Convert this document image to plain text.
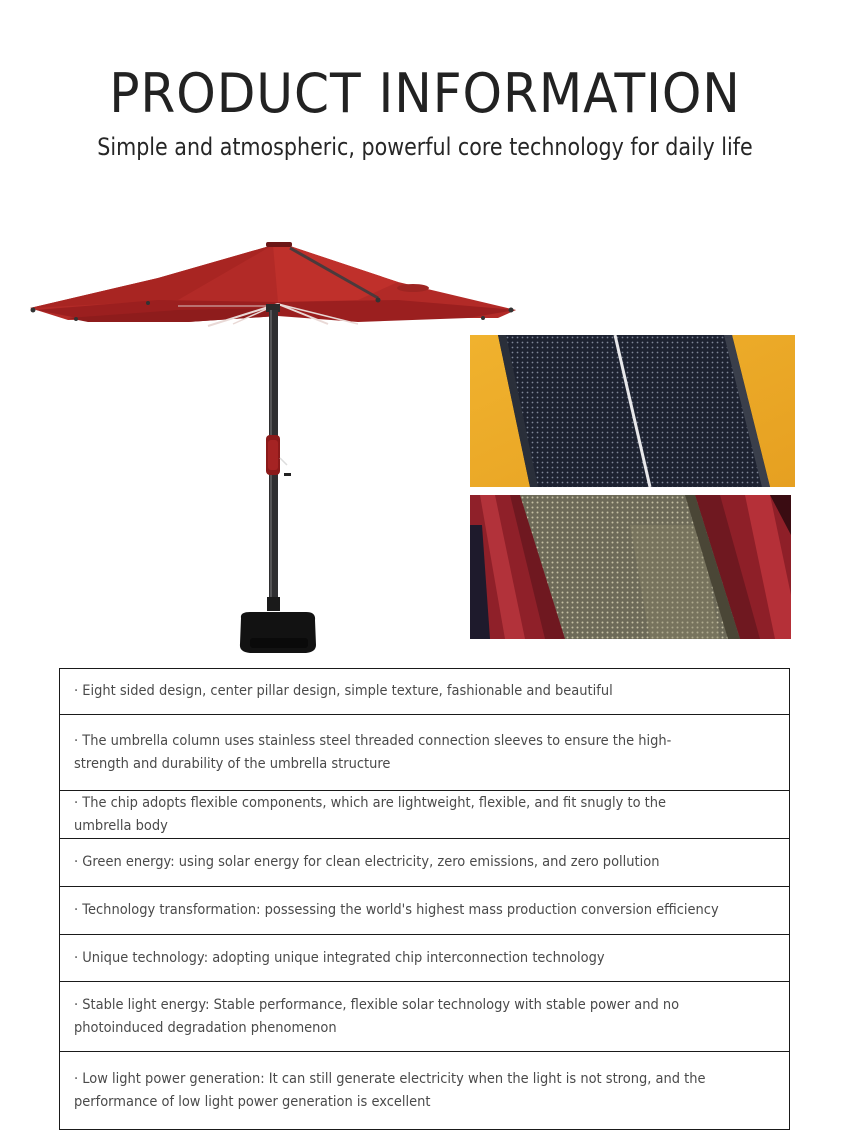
PRODUCT INFORMATION
Simple and atmospheric, powerful core technology for daily life
· Eight sided design, center pillar design, simple texture, fashionable and beautiful
· The umbrella column uses stainless steel threaded connection sleeves to ensure the high-strength and durability of the umbrella structure
· The chip adopts flexible components, which are lightweight, flexible, and fit snugly to the umbrella body
· Green energy: using solar energy for clean electricity, zero emissions, and zero pollution
· Technology transformation: possessing the world's highest mass production conversion efficiency
· Unique technology: adopting unique integrated chip interconnection technology
· Stable light energy: Stable performance, flexible solar technology with stable power and no photoinduced degradation phenomenon
· Low light power generation: It can still generate electricity when the light is not strong, and the performance of low light power generation is excellent
